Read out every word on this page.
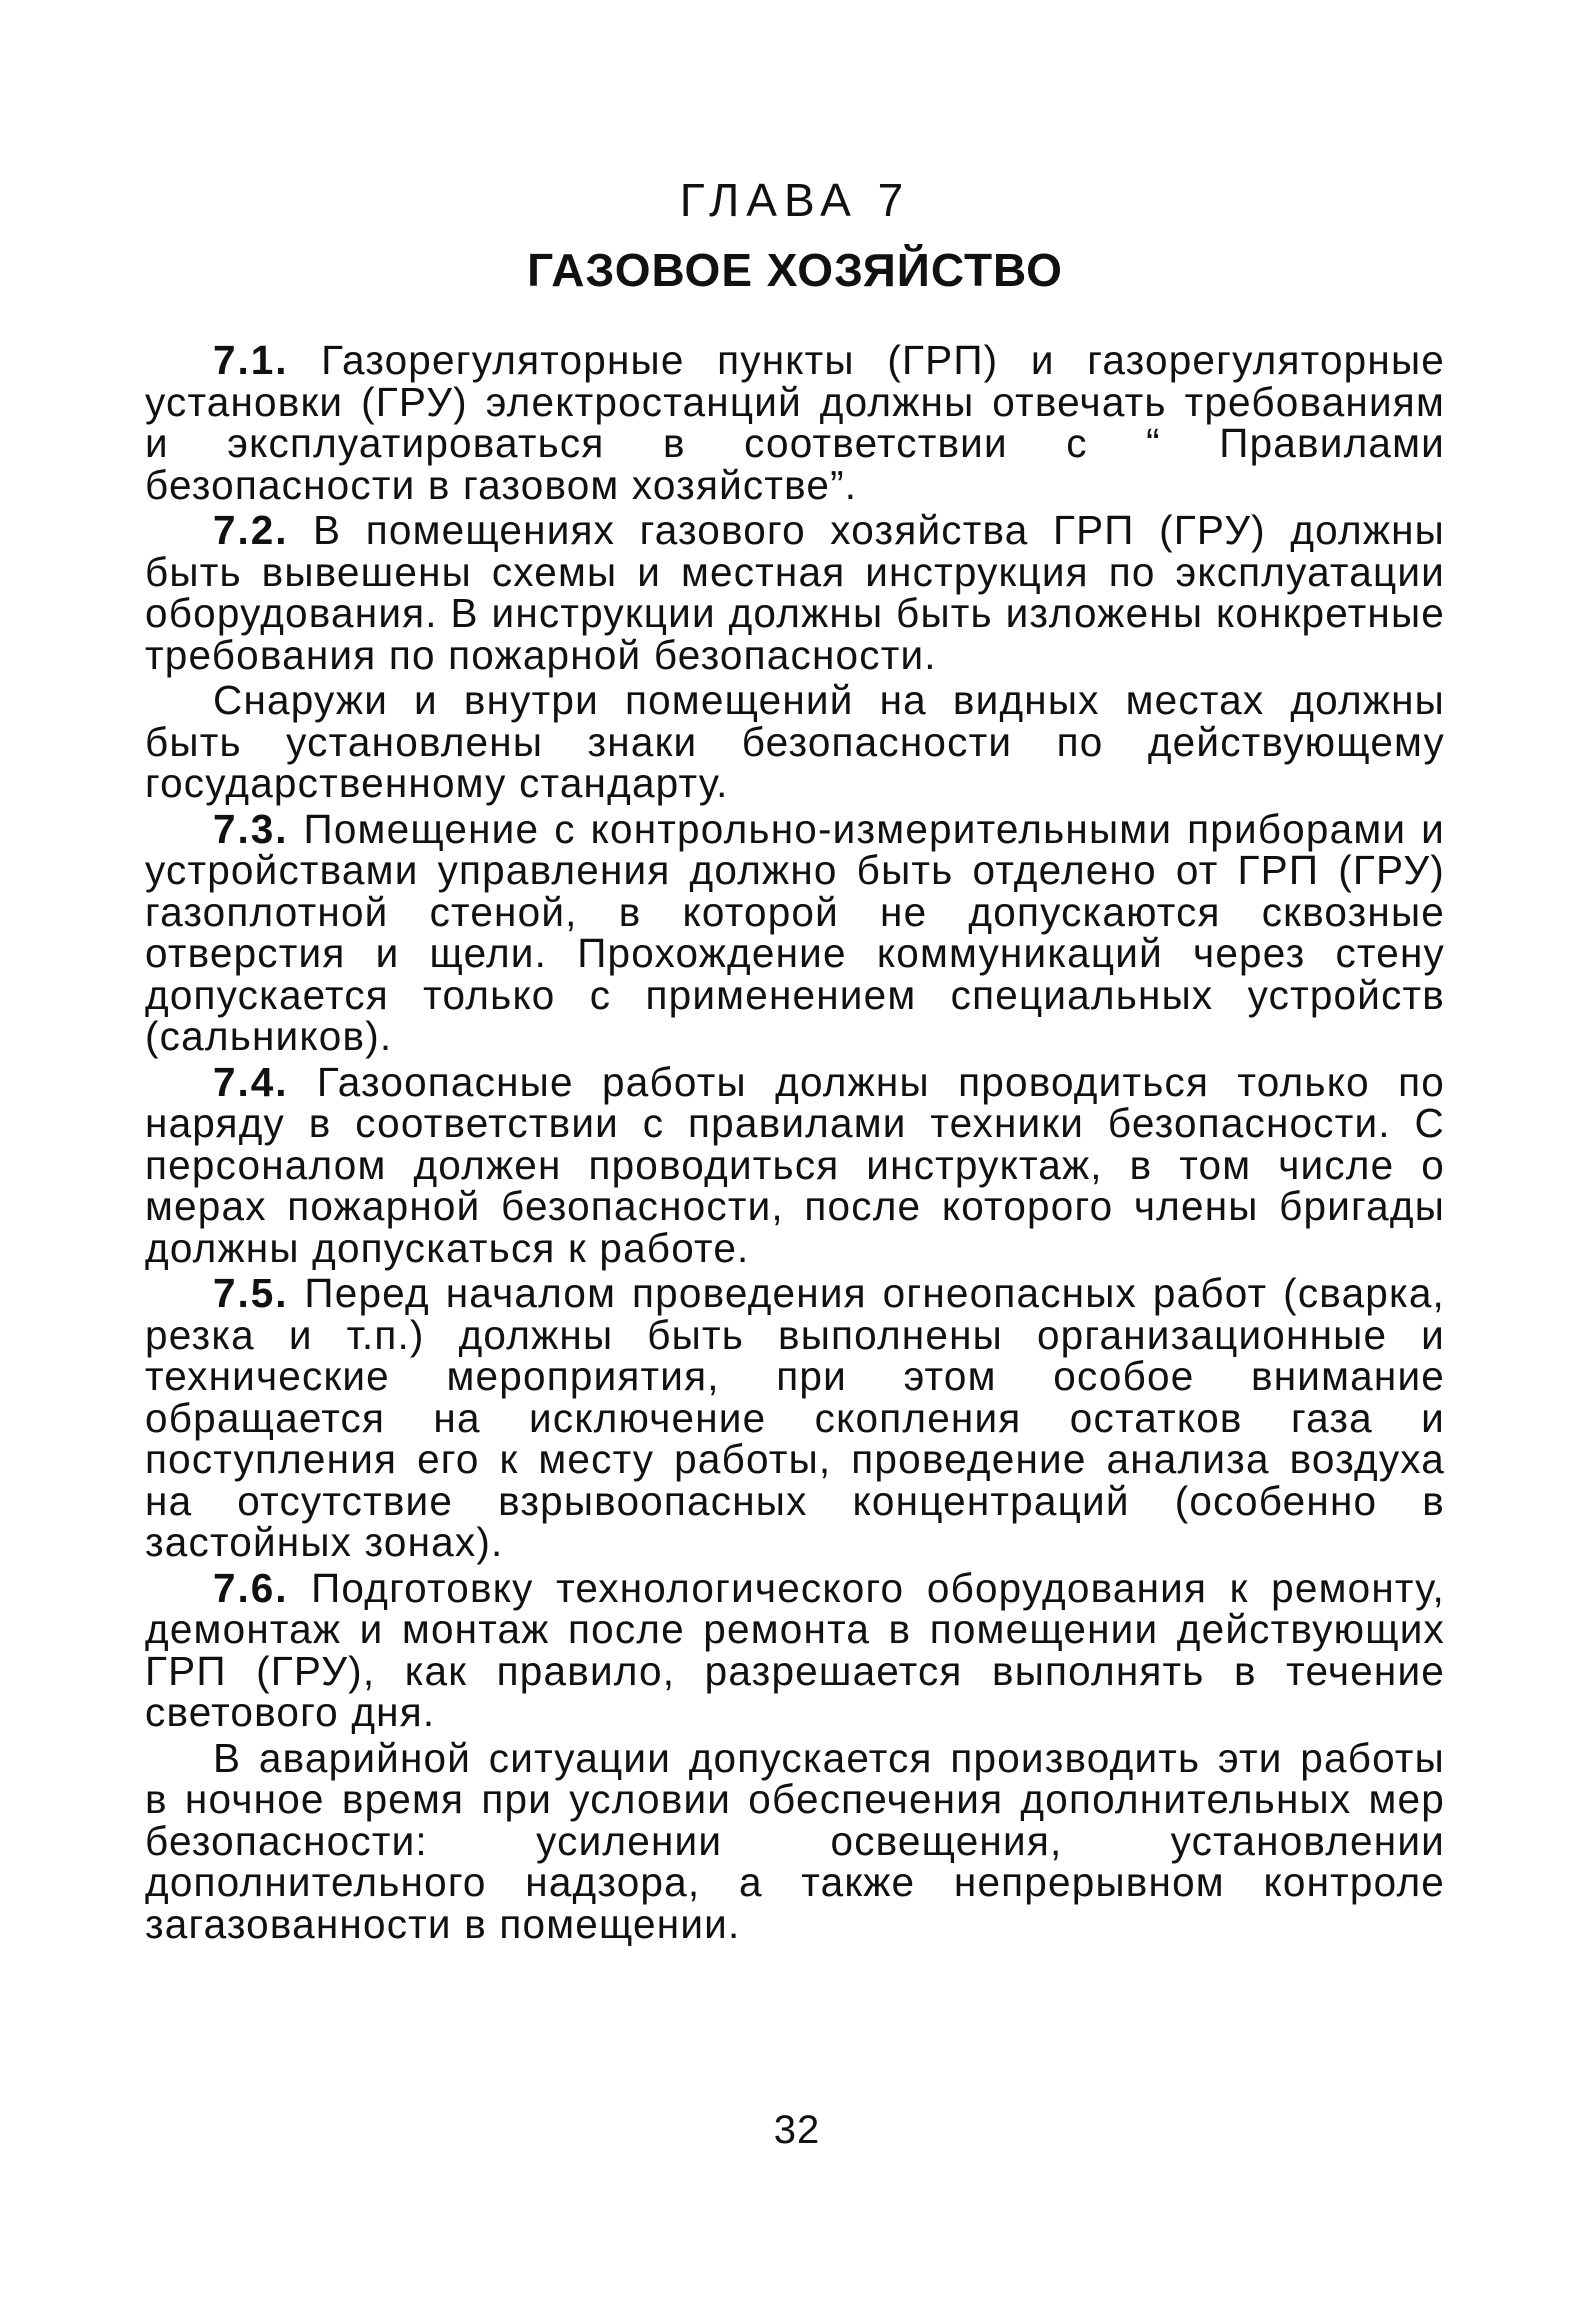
ГЛАВА 7
ГАЗОВОЕ ХОЗЯЙСТВО

7.1. Газорегуляторные пункты (ГРП) и газорегуляторные установки (ГРУ) электростанций должны отвечать требованиям и эксплуатироваться в соответствии с “ Правилами безопасности в газовом хозяйстве”.

7.2. В помещениях газового хозяйства ГРП (ГРУ) должны быть вывешены схемы и местная инструкция по эксплуатации оборудования. В инструкции должны быть изложены конкретные требования по пожарной безопасности.

Снаружи и внутри помещений на видных местах должны быть установлены знаки безопасности по действующему государственному стандарту.

7.3. Помещение с контрольно-измерительными приборами и устройствами управления должно быть отделено от ГРП (ГРУ) газоплотной стеной, в которой не допускаются сквозные отверстия и щели. Прохождение коммуникаций через стену допускается только с применением специальных устройств (сальников).

7.4. Газоопасные работы должны проводиться только по наряду в соответствии с правилами техники безопасности. С персоналом должен проводиться инструктаж, в том числе о мерах пожарной безопасности, после которого члены бригады должны допускаться к работе.

7.5. Перед началом проведения огнеопасных работ (сварка, резка и т.п.) должны быть выполнены организационные и технические мероприятия, при этом особое внимание обращается на исключение скопления остатков газа и поступления его к месту работы, проведение анализа воздуха на отсутствие взрывоопасных концентраций (особенно в застойных зонах).

7.6. Подготовку технологического оборудования к ремонту, демонтаж и монтаж после ремонта в помещении действующих ГРП (ГРУ), как правило, разрешается выполнять в течение светового дня.

В аварийной ситуации допускается производить эти работы в ночное время при условии обеспечения дополнительных мер безопасности: усилении освещения, установлении дополнительного надзора, а также непрерывном контроле загазованности в помещении.

32
